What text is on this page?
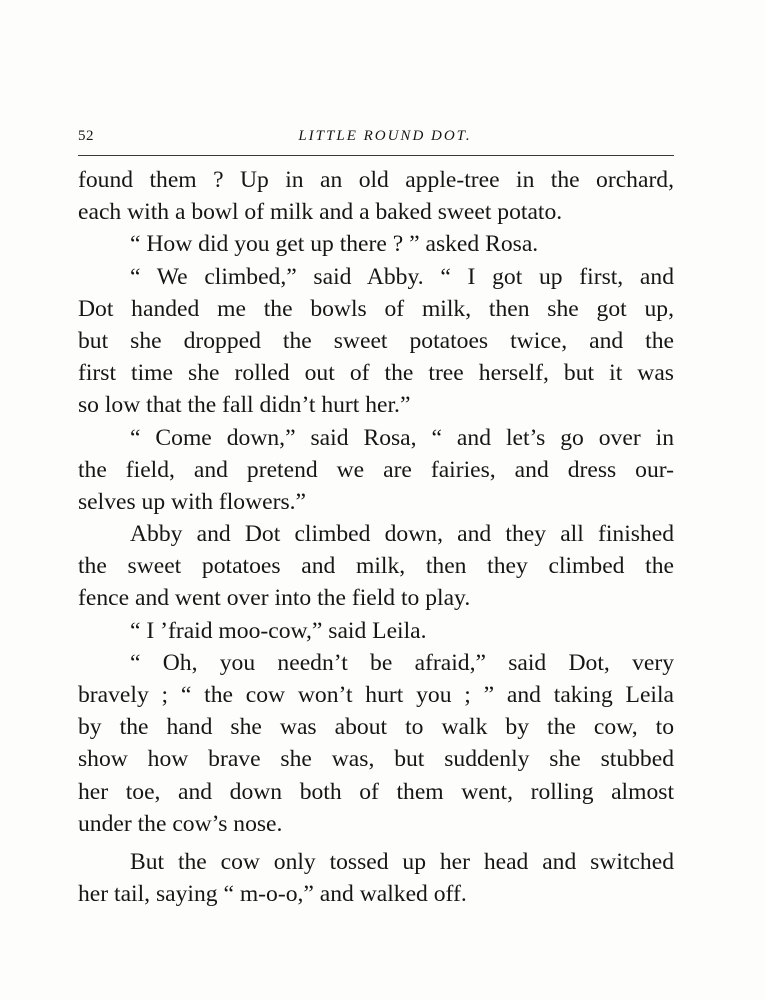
52	LITTLE ROUND DOT.
found them ? Up in an old apple-tree in the orchard,
each with a bowl of milk and a baked sweet potato.
“ How did you get up there ? ” asked Rosa.
“ We climbed,” said Abby. “ I got up first, and
Dot handed me the bowls of milk, then she got up,
but she dropped the sweet potatoes twice, and the
first time she rolled out of the tree herself, but it was
so low that the fall didn’t hurt her.”
“ Come down,” said Rosa, “ and let’s go over in
the field, and pretend we are fairies, and dress our-
selves up with flowers.”
Abby and Dot climbed down, and they all finished
the sweet potatoes and milk, then they climbed the
fence and went over into the field to play.
“ I ’fraid moo-cow,” said Leila.
“ Oh, you needn’t be afraid,” said Dot, very
bravely ; “ the cow won’t hurt you ; ” and taking Leila
by the hand she was about to walk by the cow, to
show how brave she was, but suddenly she stubbed
her toe, and down both of them went, rolling almost
under the cow’s nose.
But the cow only tossed up her head and switched
her tail, saying “ m-o-o,” and walked off.
